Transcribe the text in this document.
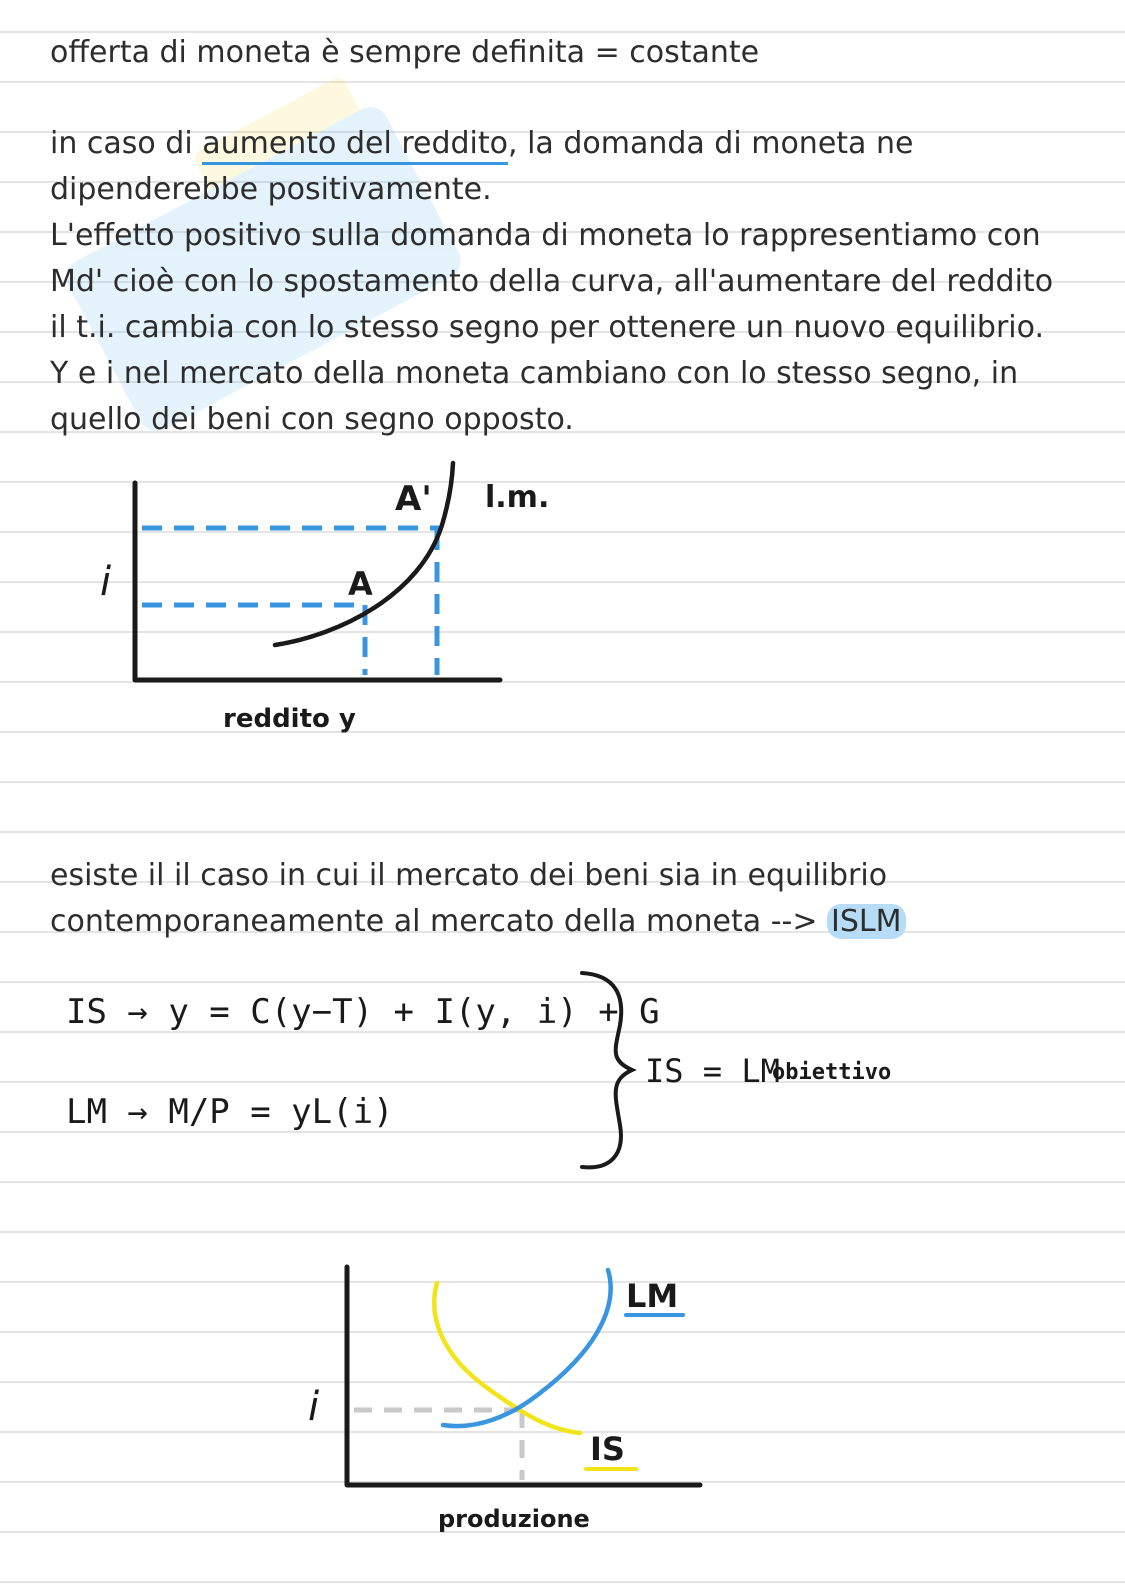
offerta di moneta è sempre definita = costante

in caso di aumento del reddito, la domanda di moneta ne

dipenderebbe positivamente.

L'effetto positivo sulla domanda di moneta lo rappresentiamo con

Md' cioè con lo spostamento della curva, all'aumentare del reddito

il t.i. cambia con lo stesso segno per ottenere un nuovo equilibrio.

Y e i nel mercato della moneta cambiano con lo stesso segno, in

quello dei beni con segno opposto.

i	A
A' l.m.
reddito y

esiste il il caso in cui il mercato dei beni sia in equilibrio

contemporaneamente al mercato della moneta --> ISLM

IS → y = C(y−T) + I(y, i) + G
LM → M/P = yL(i)
IS = LM
obiettivo
i
LM
IS
produzione
